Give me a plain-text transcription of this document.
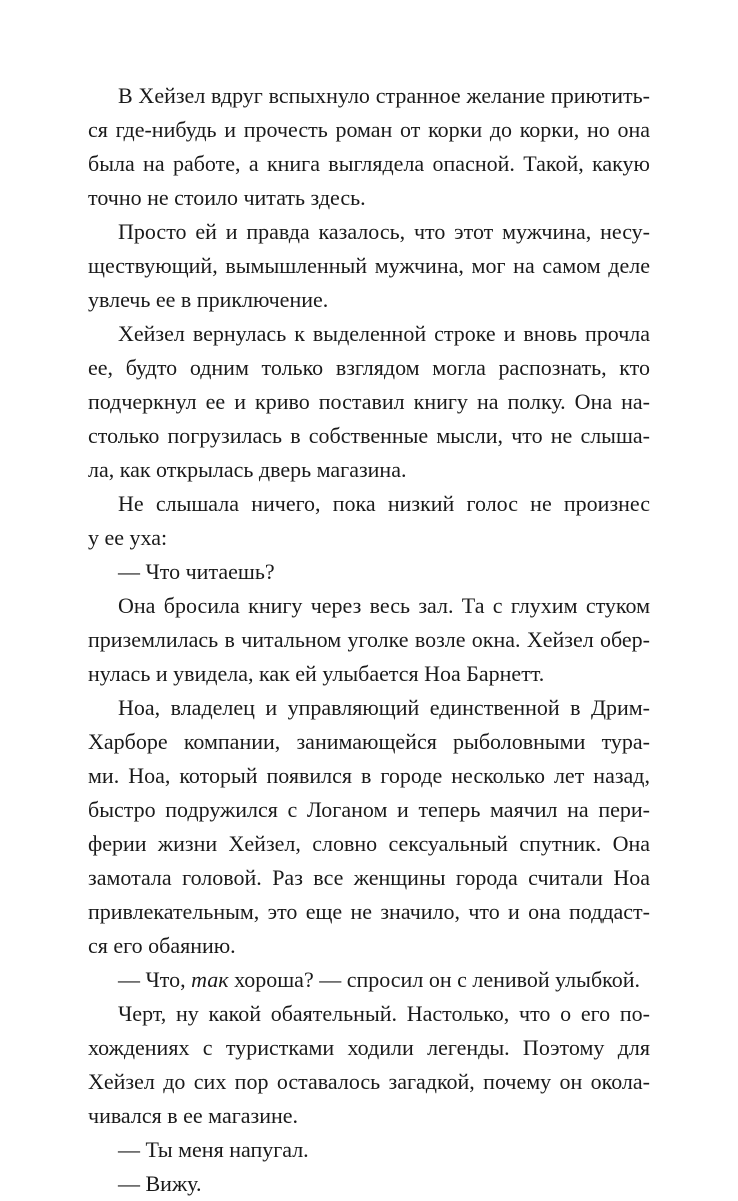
В Хейзел вдруг вспыхнуло странное желание приютить-
ся где-нибудь и прочесть роман от корки до корки, но она
была на работе, а книга выглядела опасной. Такой, какую
точно не стоило читать здесь.
Просто ей и правда казалось, что этот мужчина, несу-
ществующий, вымышленный мужчина, мог на самом деле
увлечь ее в приключение.
Хейзел вернулась к выделенной строке и вновь прочла
ее, будто одним только взглядом могла распознать, кто
подчеркнул ее и криво поставил книгу на полку. Она на-
столько погрузилась в собственные мысли, что не слыша-
ла, как открылась дверь магазина.
Не слышала ничего, пока низкий голос не произнес
у ее уха:
— Что читаешь?
Она бросила книгу через весь зал. Та с глухим стуком
приземлилась в читальном уголке возле окна. Хейзел обер-
нулась и увидела, как ей улыбается Ноа Барнетт.
Ноа, владелец и управляющий единственной в Дрим-
Харборе компании, занимающейся рыболовными тура-
ми. Ноа, который появился в городе несколько лет назад,
быстро подружился с Логаном и теперь маячил на пери-
ферии жизни Хейзел, словно сексуальный спутник. Она
замотала головой. Раз все женщины города считали Ноа
привлекательным, это еще не значило, что и она поддаст-
ся его обаянию.
— Что, так хороша? — спросил он с ленивой улыбкой.
Черт, ну какой обаятельный. Настолько, что о его по-
хождениях с туристками ходили легенды. Поэтому для
Хейзел до сих пор оставалось загадкой, почему он окола-
чивался в ее магазине.
— Ты меня напугал.
— Вижу.
